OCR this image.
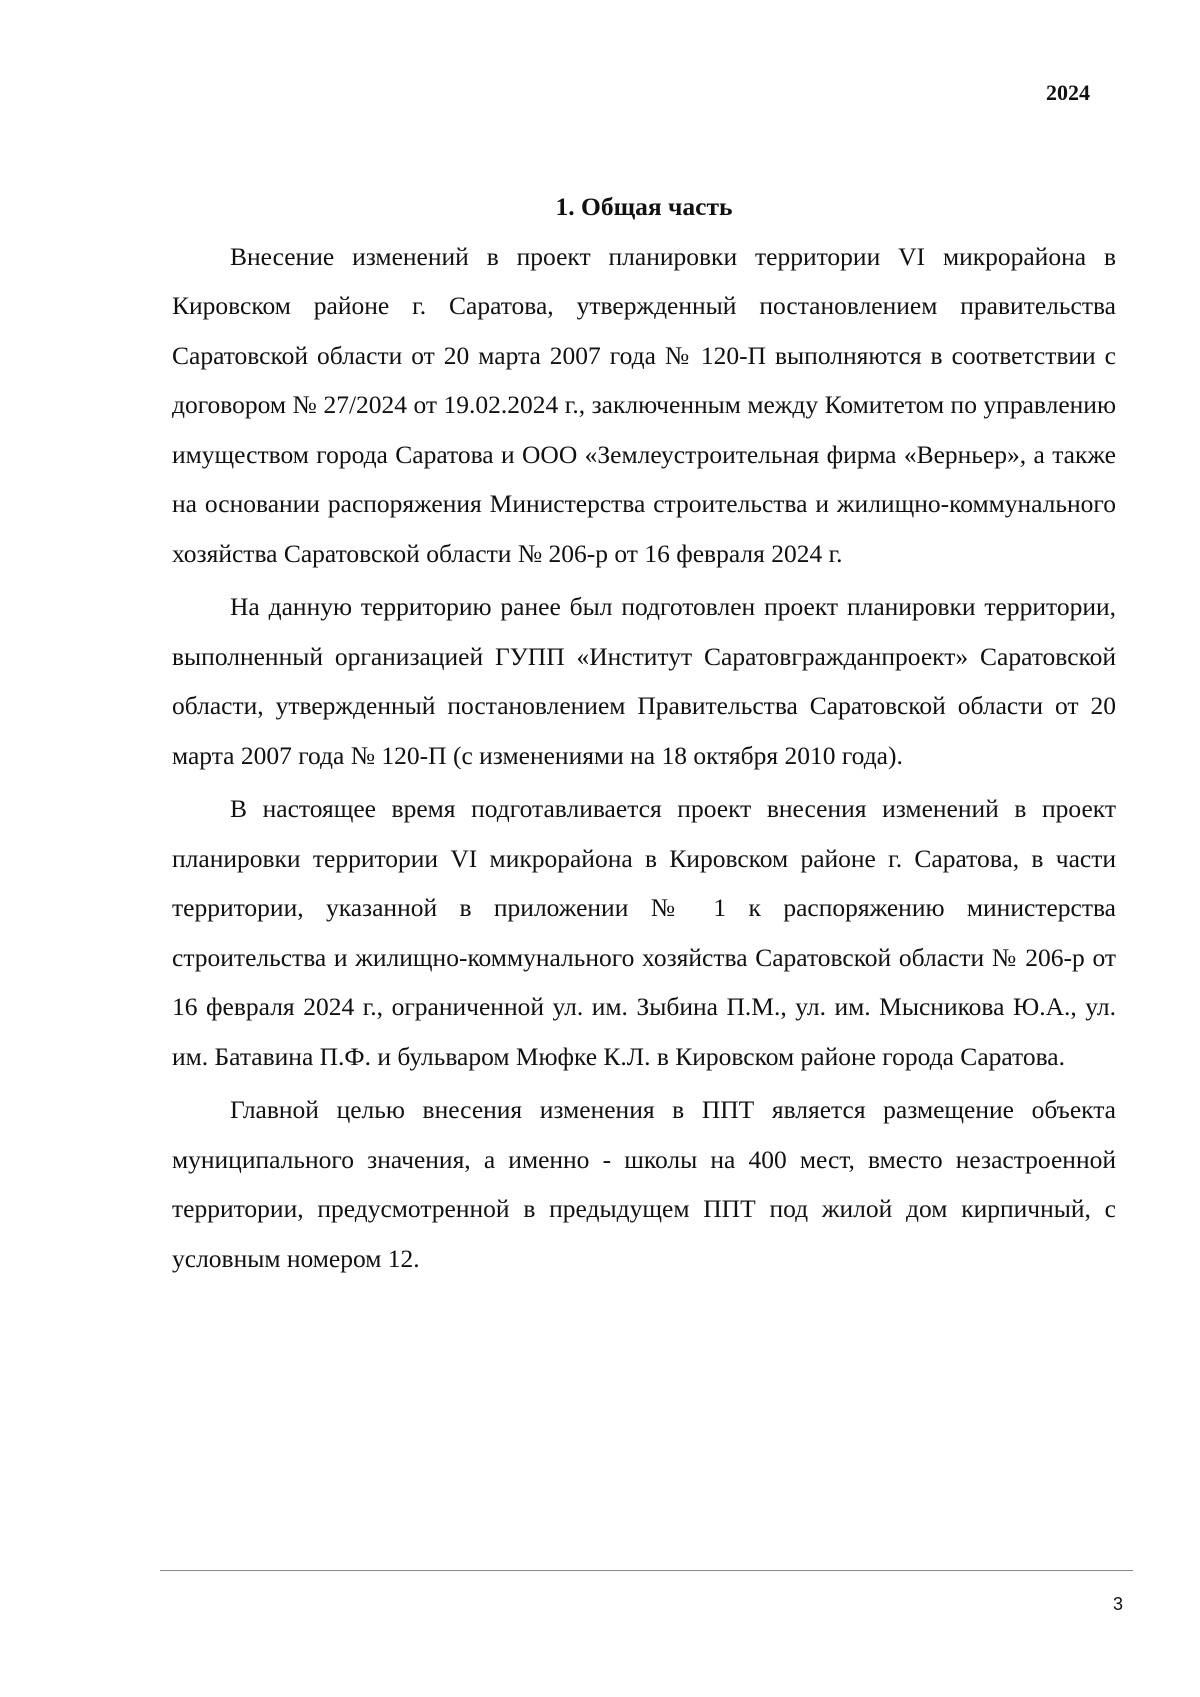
2024

1. Общая часть

Внесение изменений в проект планировки территории VI микрорайона в Кировском районе г. Саратова, утвержденный постановлением правительства Саратовской области от 20 марта 2007 года № 120-П выполняются в соответствии с договором № 27/2024 от 19.02.2024 г., заключенным между Комитетом по управлению имуществом города Саратова и ООО «Землеустроительная фирма «Верньер», а также на основании распоряжения Министерства строительства и жилищно-коммунального хозяйства Саратовской области № 206-р от 16 февраля 2024 г.

На данную территорию ранее был подготовлен проект планировки территории, выполненный организацией ГУПП «Институт Саратовгражданпроект» Саратовской области, утвержденный постановлением Правительства Саратовской области от 20 марта 2007 года № 120-П (с изменениями на 18 октября 2010 года).

В настоящее время подготавливается проект внесения изменений в проект планировки территории VI микрорайона в Кировском районе г. Саратова, в части территории, указанной в приложении № 1 к распоряжению министерства строительства и жилищно-коммунального хозяйства Саратовской области № 206-р от 16 февраля 2024 г., ограниченной ул. им. Зыбина П.М., ул. им. Мысникова Ю.А., ул. им. Батавина П.Ф. и бульваром Мюфке К.Л. в Кировском районе города Саратова.

Главной целью внесения изменения в ППТ является размещение объекта муниципального значения, а именно - школы на 400 мест, вместо незастроенной территории, предусмотренной в предыдущем ППТ под жилой дом кирпичный, с условным номером 12.

3
